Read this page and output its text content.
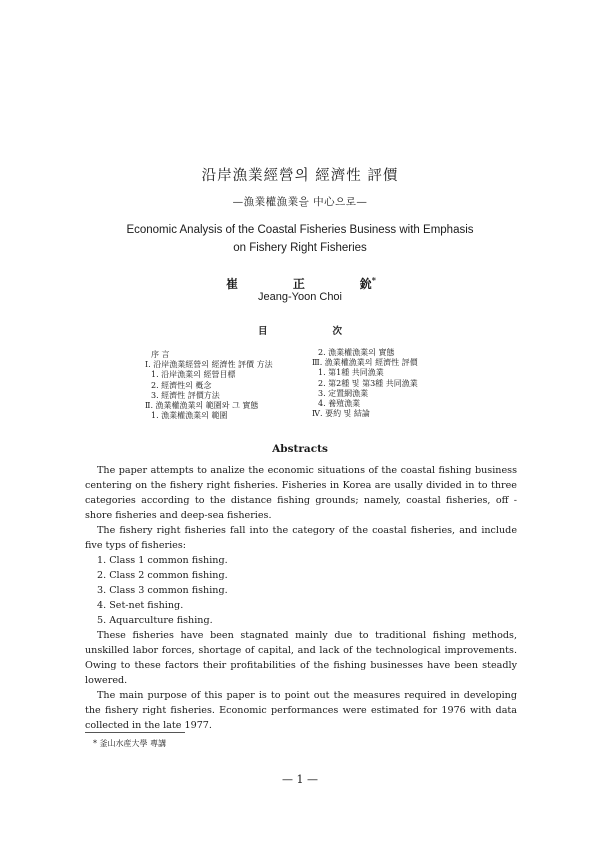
沿岸漁業經營의 經濟性 評價
—漁業權漁業을 中心으로—
Economic Analysis of the Coastal Fisheries Business with Emphasis
on Fishery Right Fisheries
崔	正	鈗*
Jeang-Yoon Choi
目	次
序 言
Ⅰ. 沿岸漁業經營의 經濟性 評價 方法
1. 沿岸漁業의 經營目標
2. 經濟性의 槪念
3. 經濟性 評價方法
Ⅱ. 漁業權漁業의 範圍와 그 實態
1. 漁業權漁業의 範圍
2. 漁業權漁業의 實態
Ⅲ. 漁業權漁業의 經濟性 評價
1. 第1種 共同漁業
2. 第2種 및 第3種 共同漁業
3. 定置網漁業
4. 養殖漁業
Ⅳ. 要約 및 結論
Abstracts

The paper attempts to analize the economic situations of the coastal fishing business centering on the fishery right fisheries. Fisheries in Korea are usally divided in to three categories according to the distance fishing grounds; namely, coastal fisheries, off -shore fisheries and deep-sea fisheries.

The fishery right fisheries fall into the category of the coastal fisheries, and include five typs of fisheries:

1. Class 1 common fishing.
2. Class 2 common fishing.
3. Class 3 common fishing.
4. Set-net fishing.
5. Aquarculture fishing.

These fisheries have been stagnated mainly due to traditional fishing methods, unskilled labor forces, shortage of capital, and lack of the technological improvements. Owing to these factors their profitabilities of the fishing businesses have been steadly lowered.

The main purpose of this paper is to point out the measures required in developing the fishery right fisheries. Economic performances were estimated for 1976 with data collected in the late 1977.

* 釜山水産大學 專講
— 1 —
